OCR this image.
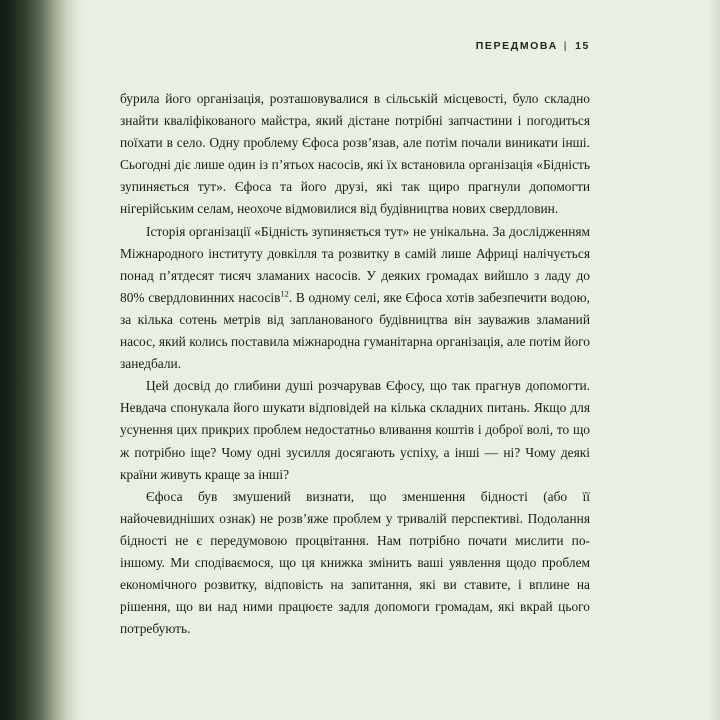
ПЕРЕДМОВА | 15

бурила його організація, розташовувалися в сільській місцевості, було складно знайти кваліфікованого майстра, який дістане потрібні запчастини і погодиться поїхати в село. Одну проблему Єфоса розв’язав, але потім почали виникати інші. Сьогодні діє лише один із п’ятьох насосів, які їх встановила організація «Бідність зупиняється тут». Єфоса та його друзі, які так щиро прагнули допомогти нігерійським селам, неохоче відмовилися від будівництва нових свердловин.

Історія організації «Бідність зупиняється тут» не унікальна. За дослідженням Міжнародного інституту довкілля та розвитку в самій лише Африці налічується понад п’ятдесят тисяч зламаних насосів. У деяких громадах вийшло з ладу до 80% свердловинних насосів$^{12}$. В одному селі, яке Єфоса хотів забезпечити водою, за кілька сотень метрів від запланованого будівництва він зауважив зламаний насос, який колись поставила міжнародна гуманітарна організація, але потім його занедбали.

Цей досвід до глибини душі розчарував Єфосу, що так прагнув допомогти. Невдача спонукала його шукати відповідей на кілька складних питань. Якщо для усунення цих прикрих проблем недостатньо вливання коштів і доброї волі, то що ж потрібно іще? Чому одні зусилля досягають успіху, а інші — ні? Чому деякі країни живуть краще за інші?

Єфоса був змушений визнати, що зменшення бідності (або її найочевидніших ознак) не розв’яже проблем у тривалій перспективі. Подолання бідності не є передумовою процвітання. Нам потрібно почати мислити по-іншому. Ми сподіваємося, що ця книжка змінить ваші уявлення щодо проблем економічного розвитку, відповість на запитання, які ви ставите, і вплине на рішення, що ви над ними працюєте задля допомоги громадам, які вкрай цього потребують.
